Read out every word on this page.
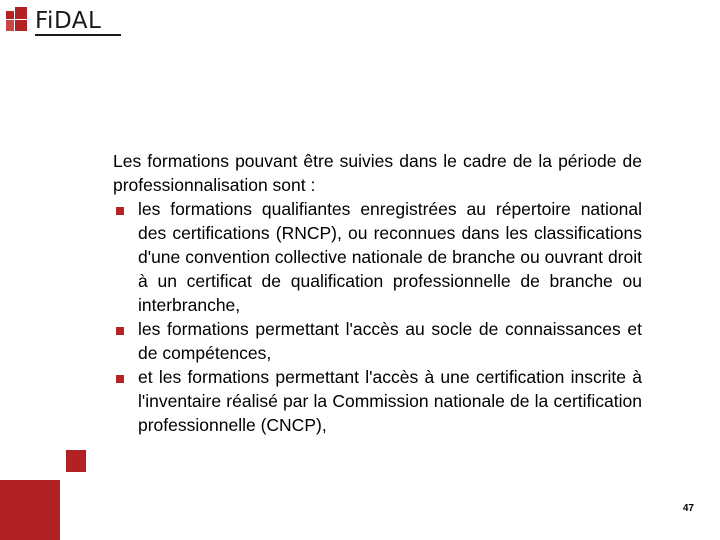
FiDAL

Les formations pouvant être suivies dans le cadre de la période de professionnalisation sont :

les formations qualifiantes enregistrées au répertoire national des certifications (RNCP), ou reconnues dans les classifications d'une convention collective nationale de branche ou ouvrant droit à un certificat de qualification professionnelle de branche ou interbranche,
les formations permettant l'accès au socle de connaissances et de compétences,
et les formations permettant l'accès à une certification inscrite à l'inventaire réalisé par la Commission nationale de la certification professionnelle (CNCP),
47
